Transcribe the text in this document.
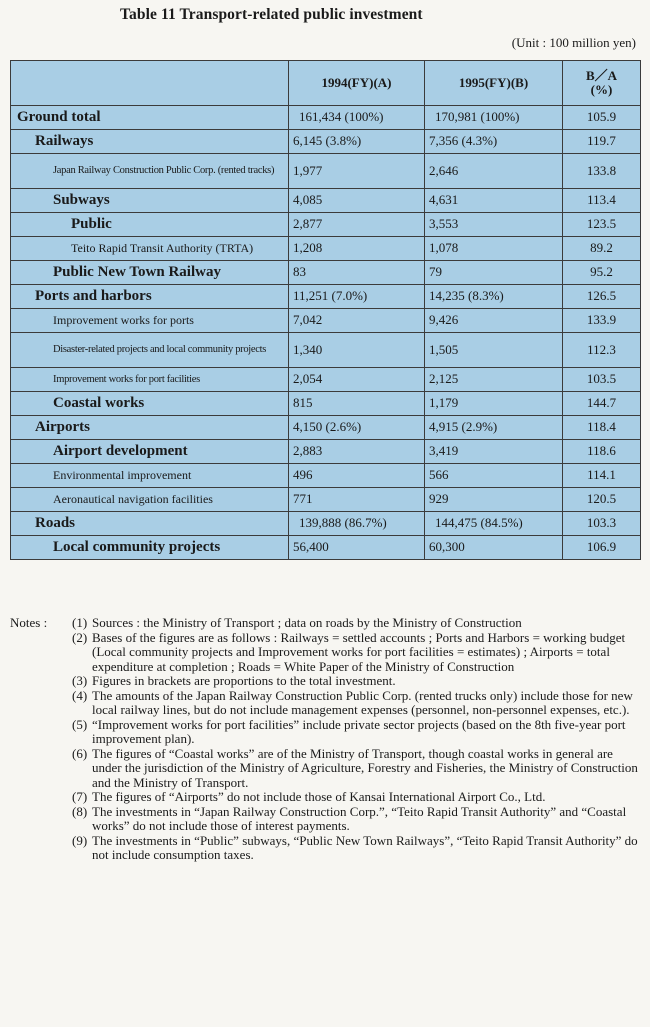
Table 11 Transport-related public investment
(Unit : 100 million yen)
	1994(FY)(A)	1995(FY)(B)	B／A
(%)
Ground total	161,434 (100%)	170,981 (100%)	105.9
Railways	6,145 (3.8%)	7,356 (4.3%)	119.7
Japan Railway Construction Public Corp. (rented tracks)	1,977	2,646	133.8
Subways	4,085	4,631	113.4
Public	2,877	3,553	123.5
Teito Rapid Transit Authority (TRTA)	1,208	1,078	89.2
Public New Town Railway	83	79	95.2
Ports and harbors	11,251 (7.0%)	14,235 (8.3%)	126.5
Improvement works for ports	7,042	9,426	133.9
Disaster-related projects and local community projects	1,340	1,505	112.3
Improvement works for port facilities	2,054	2,125	103.5
Coastal works	815	1,179	144.7
Airports	4,150 (2.6%)	4,915 (2.9%)	118.4
Airport development	2,883	3,419	118.6
Environmental improvement	496	566	114.1
Aeronautical navigation facilities	771	929	120.5
Roads	139,888 (86.7%)	144,475 (84.5%)	103.3
Local community projects	56,400	60,300	106.9
Notes :	(1) Sources : the Ministry of Transport ; data on roads by the Ministry of Construction
(2) Bases of the figures are as follows : Railways = settled accounts ; Ports and Harbors = working budget (Local community projects and Improvement works for port facilities = estimates) ; Airports = total expenditure at completion ; Roads = White Paper of the Ministry of Construction
(3) Figures in brackets are proportions to the total investment.
(4) The amounts of the Japan Railway Construction Public Corp. (rented trucks only) include those for new local railway lines, but do not include management expenses (personnel, non-personnel expenses, etc.).
(5) “Improvement works for port facilities” include private sector projects (based on the 8th five-year port improvement plan).
(6) The figures of “Coastal works” are of the Ministry of Transport, though coastal works in general are under the jurisdiction of the Ministry of Agriculture, Forestry and Fisheries, the Ministry of Construction and the Ministry of Transport.
(7) The figures of “Airports” do not include those of Kansai International Airport Co., Ltd.
(8) The investments in “Japan Railway Construction Corp.”, “Teito Rapid Transit Authority” and “Coastal works” do not include those of interest payments.
(9) The investments in “Public” subways, “Public New Town Railways”, “Teito Rapid Transit Authority” do not include consumption taxes.
